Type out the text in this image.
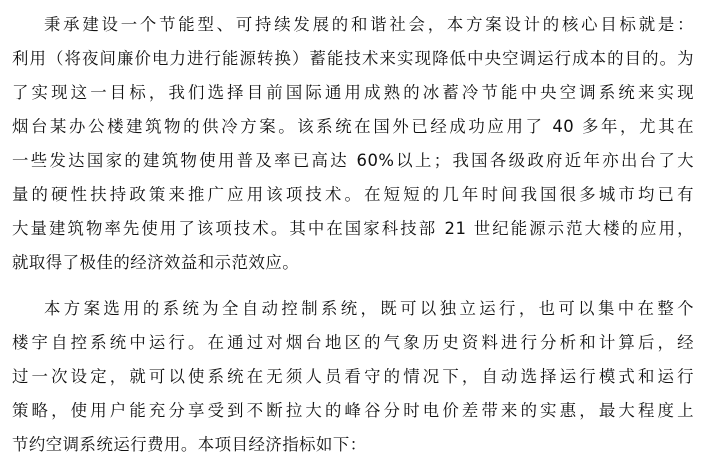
秉承建设一个节能型、可持续发展的和谐社会，本方案设计的核心目标就是：
利用（将夜间廉价电力进行能源转换）蓄能技术来实现降低中央空调运行成本的目的。为
了实现这一目标，我们选择目前国际通用成熟的冰蓄冷节能中央空调系统来实现
烟台某办公楼建筑物的供冷方案。该系统在国外已经成功应用了 40 多年，尤其在
一些发达国家的建筑物使用普及率已高达 60%以上；我国各级政府近年亦出台了大
量的硬性扶持政策来推广应用该项技术。在短短的几年时间我国很多城市均已有
大量建筑物率先使用了该项技术。其中在国家科技部 21 世纪能源示范大楼的应用，
就取得了极佳的经济效益和示范效应。
本方案选用的系统为全自动控制系统，既可以独立运行，也可以集中在整个
楼宇自控系统中运行。在通过对烟台地区的气象历史资料进行分析和计算后，经
过一次设定，就可以使系统在无须人员看守的情况下，自动选择运行模式和运行
策略，使用户能充分享受到不断拉大的峰谷分时电价差带来的实惠，最大程度上
节约空调系统运行费用。本项目经济指标如下：
